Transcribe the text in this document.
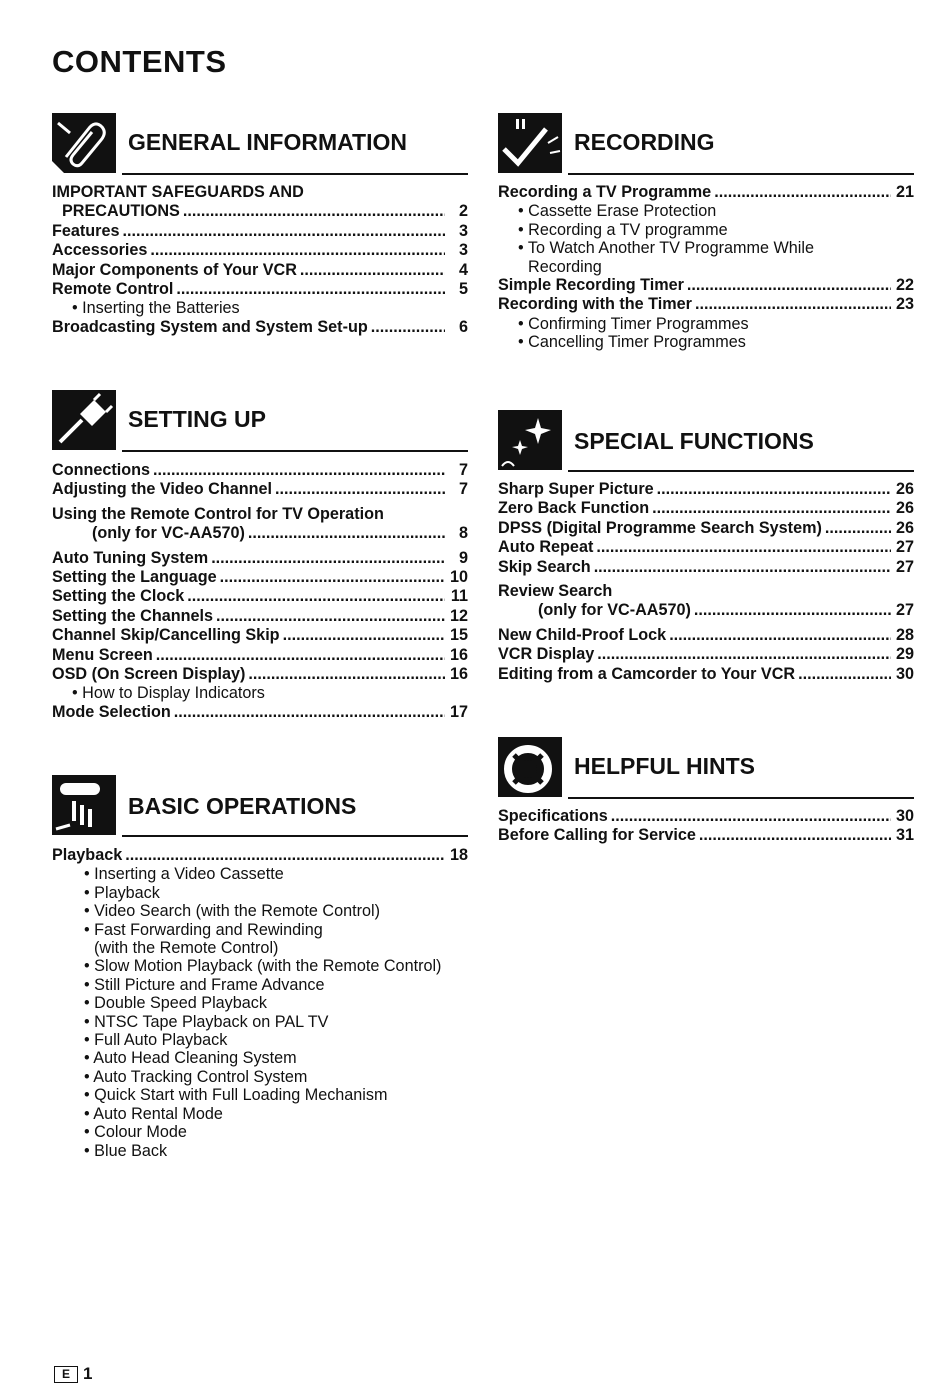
CONTENTS
GENERAL INFORMATION
IMPORTANT SAFEGUARDS AND
PRECAUTIONS .....	2
Features .....	3
Accessories .....	3
Major Components of Your VCR .....	4
Remote Control .....	5
• Inserting the Batteries
Broadcasting System and System Set-up .....	6
SETTING UP
Connections .....	7
Adjusting the Video Channel .....	7
Using the Remote Control for TV Operation
(only for VC-AA570) .....	8
Auto Tuning System .....	9
Setting the Language .....	10
Setting the Clock .....	11
Setting the Channels .....	12
Channel Skip/Cancelling Skip .....	15
Menu Screen .....	16
OSD (On Screen Display) .....	16
• How to Display Indicators
Mode Selection .....	17
BASIC OPERATIONS
Playback .....	18
• Inserting a Video Cassette
• Playback
• Video Search (with the Remote Control)
• Fast Forwarding and Rewinding
(with the Remote Control)
• Slow Motion Playback (with the Remote Control)
• Still Picture and Frame Advance
• Double Speed Playback
• NTSC Tape Playback on PAL TV
• Full Auto Playback
• Auto Head Cleaning System
• Auto Tracking Control System
• Quick Start with Full Loading Mechanism
• Auto Rental Mode
• Colour Mode
• Blue Back
RECORDING
Recording a TV Programme .....	21
• Cassette Erase Protection
• Recording a TV programme
• To Watch Another TV Programme While
Recording
Simple Recording Timer .....	22
Recording with the Timer .....	23
• Confirming Timer Programmes
• Cancelling Timer Programmes
SPECIAL FUNCTIONS
Sharp Super Picture .....	26
Zero Back Function .....	26
DPSS (Digital Programme Search System) .....	26
Auto Repeat .....	27
Skip Search .....	27
Review Search
(only for VC-AA570) .....	27
New Child-Proof Lock .....	28
VCR Display .....	29
Editing from a Camcorder to Your VCR .....	30
HELPFUL HINTS
Specifications .....	30
Before Calling for Service .....	31
E 1
